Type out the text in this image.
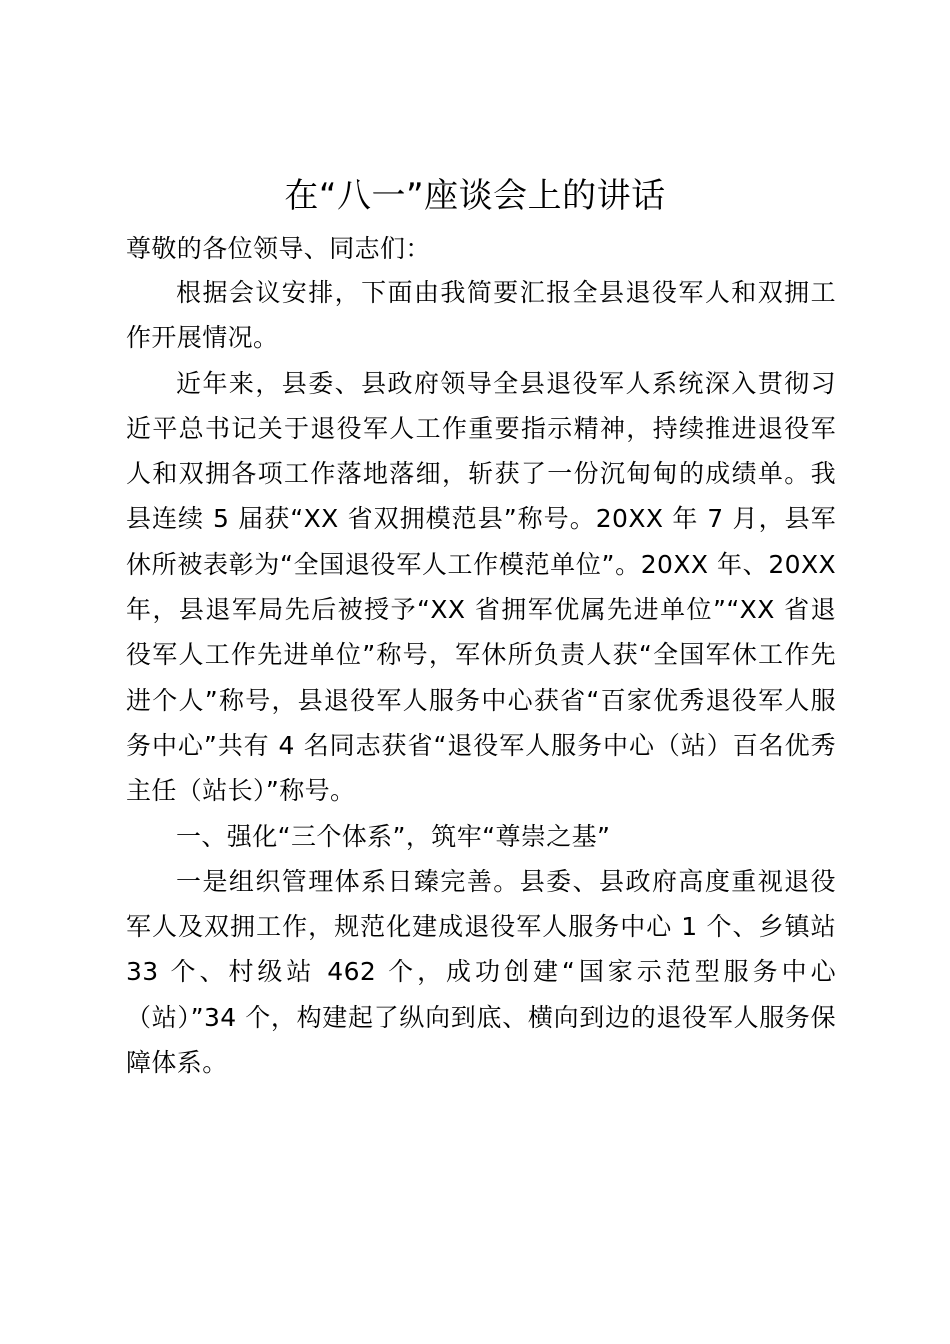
在“八一”座谈会上的讲话
尊敬的各位领导、同志们：

根据会议安排，下面由我简要汇报全县退役军人和双拥工作开展情况。

近年来，县委、县政府领导全县退役军人系统深入贯彻习近平总书记关于退役军人工作重要指示精神，持续推进退役军人和双拥各项工作落地落细，斩获了一份沉甸甸的成绩单。我县连续 5 届获“XX 省双拥模范县”称号。20XX 年 7 月，县军休所被表彰为“全国退役军人工作模范单位”。20XX 年、20XX 年，县退军局先后被授予“XX 省拥军优属先进单位”“XX 省退役军人工作先进单位”称号，军休所负责人获“全国军休工作先进个人”称号，县退役军人服务中心获省“百家优秀退役军人服务中心”共有 4 名同志获省“退役军人服务中心（站）百名优秀主任（站长）”称号。

一、强化“三个体系”，筑牢“尊崇之基”

一是组织管理体系日臻完善。县委、县政府高度重视退役军人及双拥工作，规范化建成退役军人服务中心 1 个、乡镇站 33 个、村级站 462 个，成功创建“国家示范型服务中心（站）”34 个，构建起了纵向到底、横向到边的退役军人服务保障体系。
